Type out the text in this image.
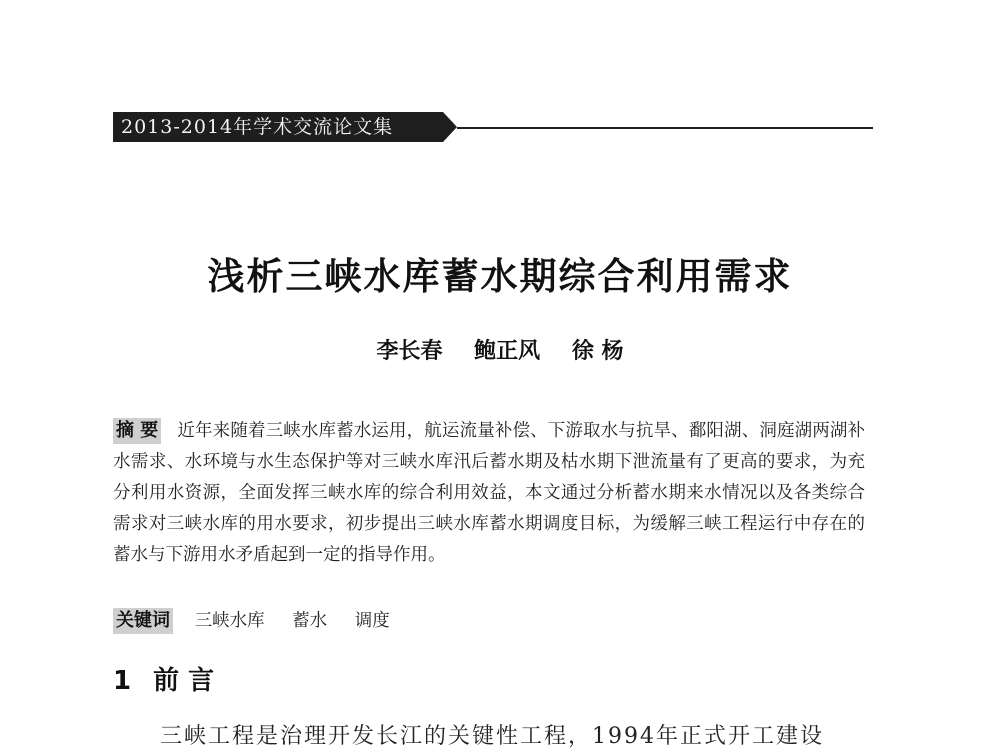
2013-2014年学术交流论文集
浅析三峡水库蓄水期综合利用需求
李长春 鲍正风 徐 杨
摘 要 近年来随着三峡水库蓄水运用，航运流量补偿、下游取水与抗旱、鄱阳湖、洞庭湖两湖补水需求、水环境与水生态保护等对三峡水库汛后蓄水期及枯水期下泄流量有了更高的要求，为充分利用水资源，全面发挥三峡水库的综合利用效益，本文通过分析蓄水期来水情况以及各类综合需求对三峡水库的用水要求，初步提出三峡水库蓄水期调度目标，为缓解三峡工程运行中存在的蓄水与下游用水矛盾起到一定的指导作用。
关键词 三峡水库 蓄水 调度
1 前 言
三峡工程是治理开发长江的关键性工程，1994年正式开工建设
